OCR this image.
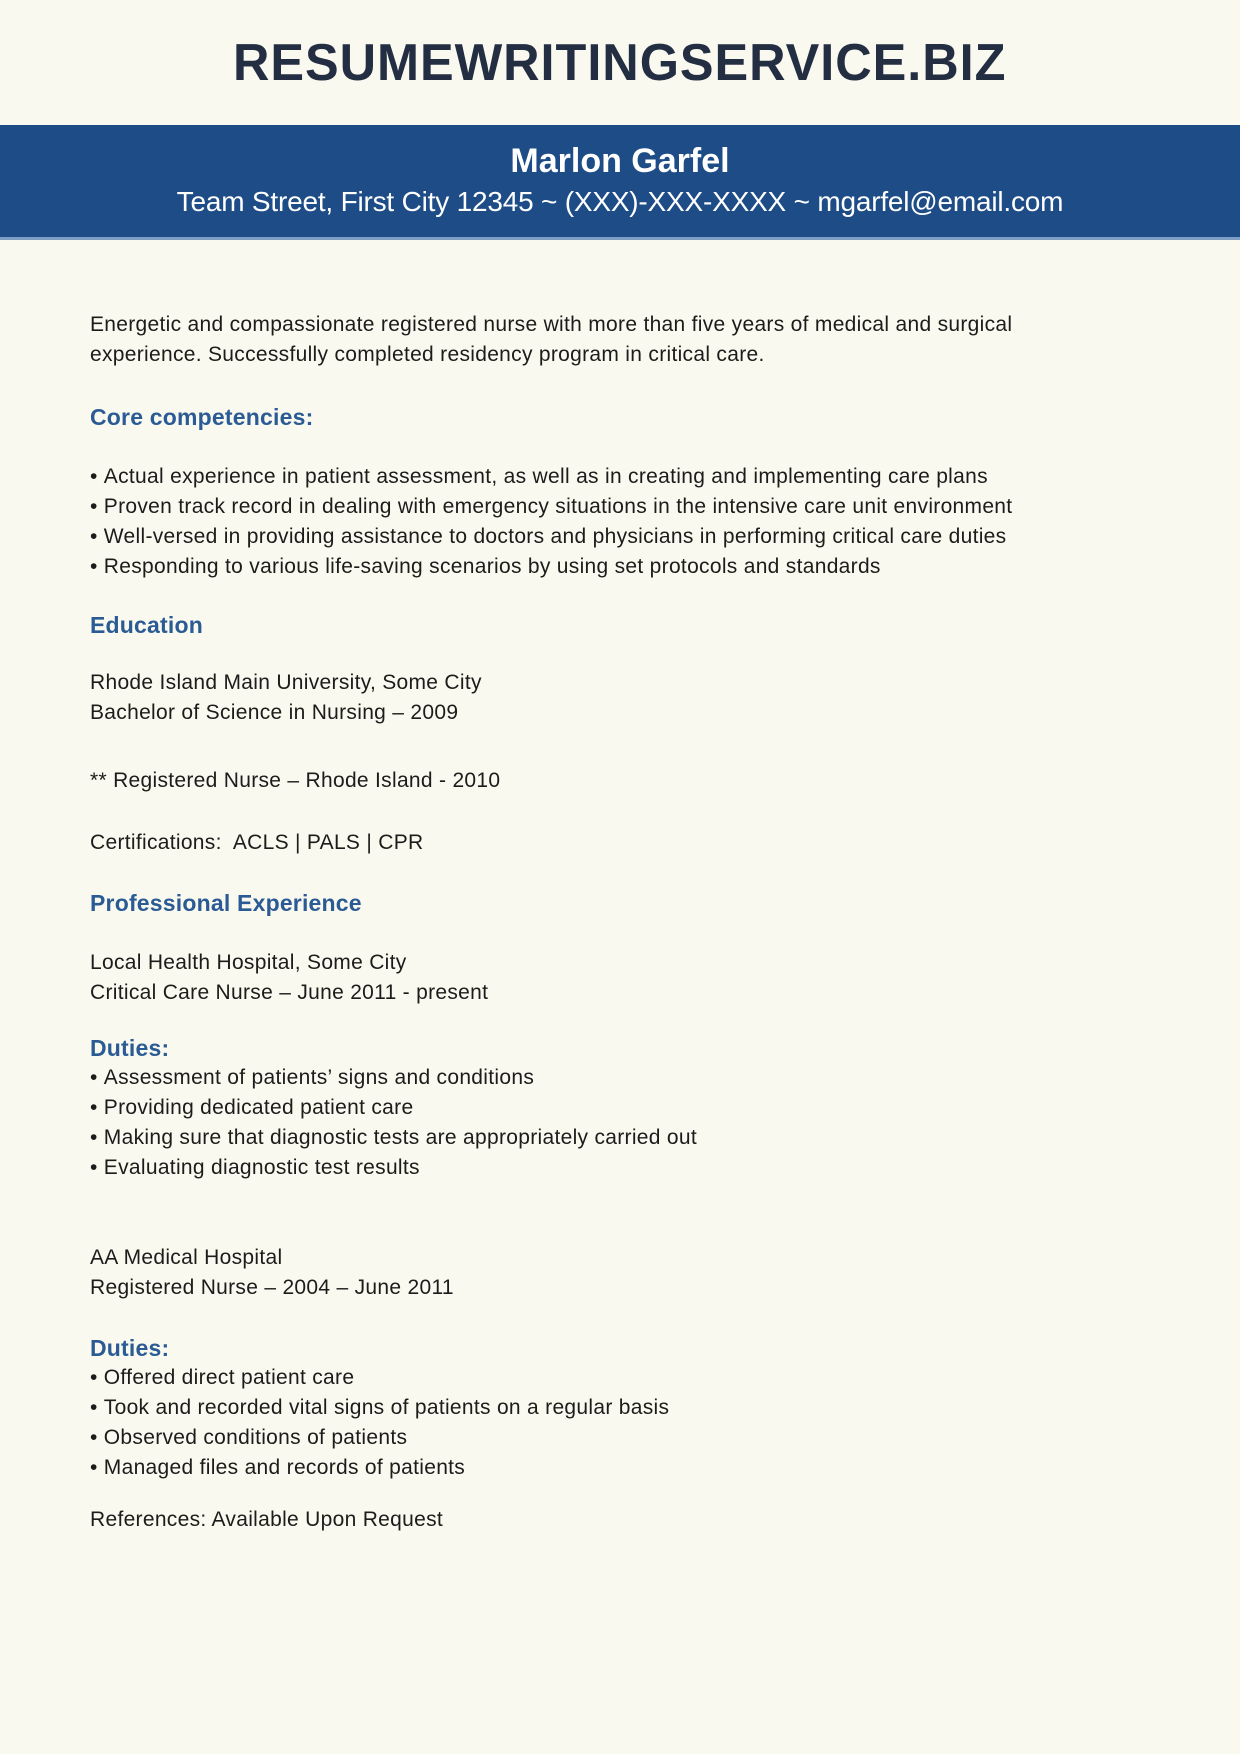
RESUMEWRITINGSERVICE.BIZ
Marlon Garfel
Team Street, First City 12345 ~ (XXX)-XXX-XXXX ~ mgarfel@email.com
Energetic and compassionate registered nurse with more than five years of medical and surgical
experience. Successfully completed residency program in critical care.
Core competencies:
• Actual experience in patient assessment, as well as in creating and implementing care plans
• Proven track record in dealing with emergency situations in the intensive care unit environment
• Well-versed in providing assistance to doctors and physicians in performing critical care duties
• Responding to various life-saving scenarios by using set protocols and standards
Education
Rhode Island Main University, Some City
Bachelor of Science in Nursing – 2009
** Registered Nurse – Rhode Island - 2010
Certifications:  ACLS | PALS | CPR
Professional Experience
Local Health Hospital, Some City
Critical Care Nurse – June 2011 - present
Duties:
• Assessment of patients’ signs and conditions
• Providing dedicated patient care
• Making sure that diagnostic tests are appropriately carried out
• Evaluating diagnostic test results
AA Medical Hospital
Registered Nurse – 2004 – June 2011
Duties:
• Offered direct patient care
• Took and recorded vital signs of patients on a regular basis
• Observed conditions of patients
• Managed files and records of patients
References: Available Upon Request
